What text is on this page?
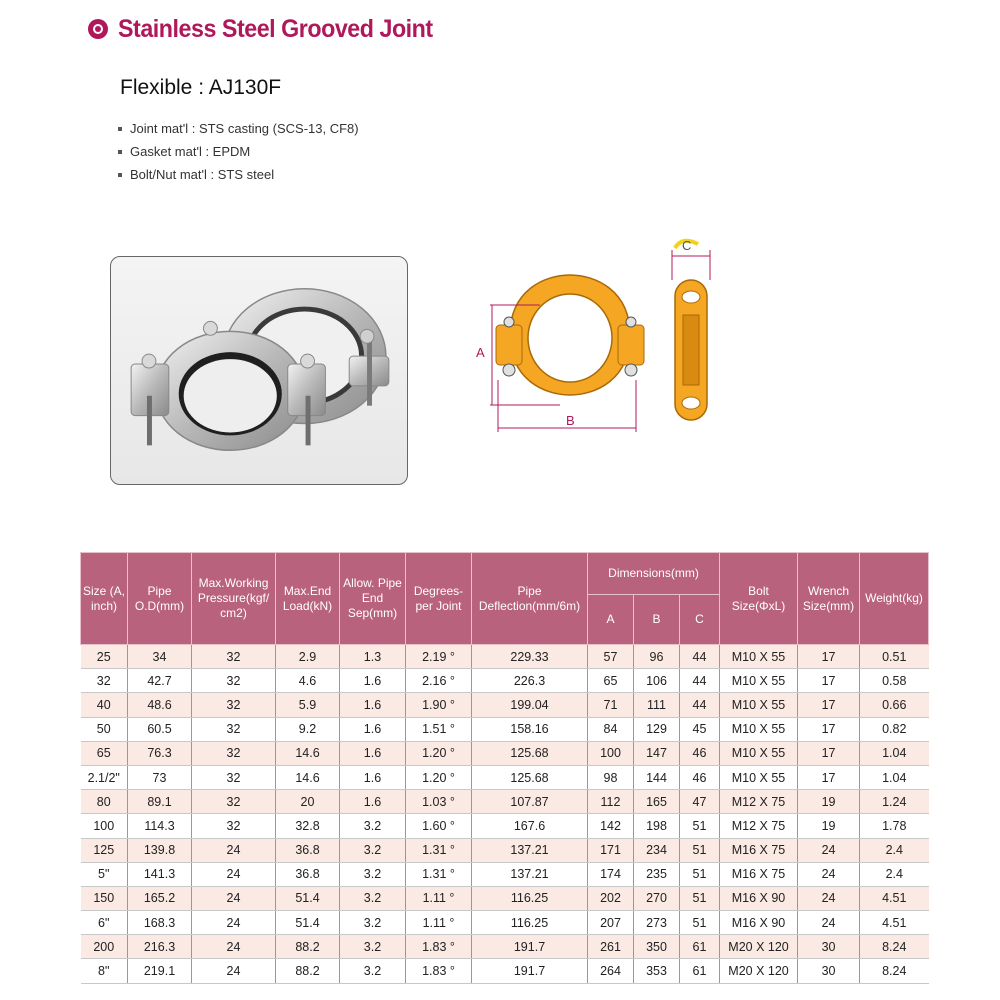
Stainless Steel Grooved Joint
Flexible : AJ130F
Joint mat'l : STS casting (SCS-13, CF8)
Gasket mat'l : EPDM
Bolt/Nut mat'l : STS steel
A
B
C
Size (A, inch)	Pipe O.D(mm)	Max.Working Pressure(kgf/ cm2)	Max.End Load(kN)	Allow. Pipe End Sep(mm)	Degrees- per Joint	Pipe Deflection(mm/6m)	Dimensions(mm)			Bolt Size(ΦxL)	Wrench Size(mm)	Weight(kg)
							A	B	C			
25	34	32	2.9	1.3	2.19 °	229.33	57	96	44	M10 X 55	17	0.51
32	42.7	32	4.6	1.6	2.16 °	226.3	65	106	44	M10 X 55	17	0.58
40	48.6	32	5.9	1.6	1.90 °	199.04	71	111	44	M10 X 55	17	0.66
50	60.5	32	9.2	1.6	1.51 °	158.16	84	129	45	M10 X 55	17	0.82
65	76.3	32	14.6	1.6	1.20 °	125.68	100	147	46	M10 X 55	17	1.04
2.1/2"	73	32	14.6	1.6	1.20 °	125.68	98	144	46	M10 X 55	17	1.04
80	89.1	32	20	1.6	1.03 °	107.87	112	165	47	M12 X 75	19	1.24
100	114.3	32	32.8	3.2	1.60 °	167.6	142	198	51	M12 X 75	19	1.78
125	139.8	24	36.8	3.2	1.31 °	137.21	171	234	51	M16 X 75	24	2.4
5"	141.3	24	36.8	3.2	1.31 °	137.21	174	235	51	M16 X 75	24	2.4
150	165.2	24	51.4	3.2	1.11 °	116.25	202	270	51	M16 X 90	24	4.51
6"	168.3	24	51.4	3.2	1.11 °	116.25	207	273	51	M16 X 90	24	4.51
200	216.3	24	88.2	3.2	1.83 °	191.7	261	350	61	M20 X 120	30	8.24
8"	219.1	24	88.2	3.2	1.83 °	191.7	264	353	61	M20 X 120	30	8.24
